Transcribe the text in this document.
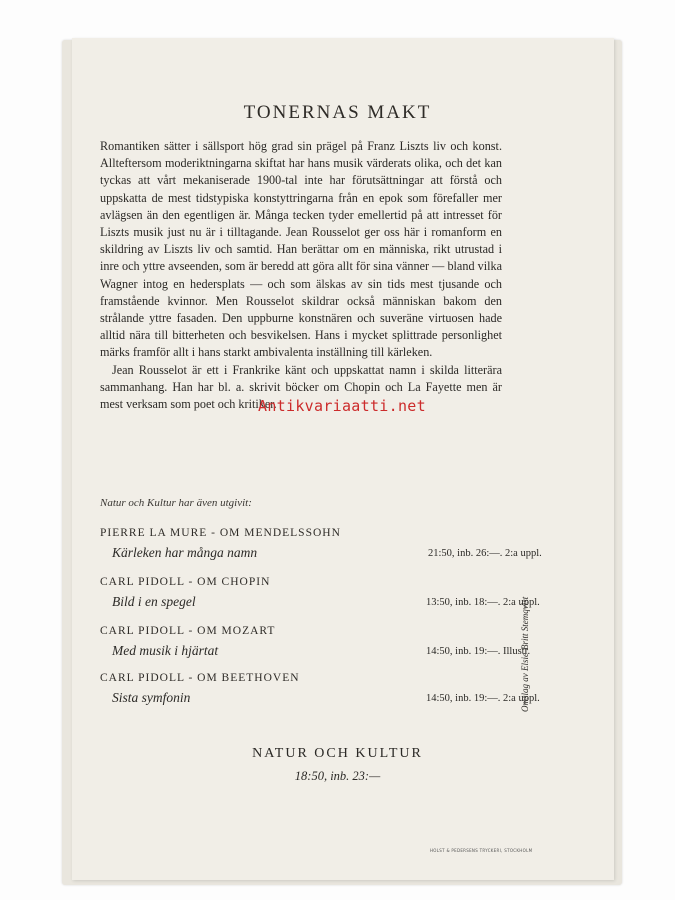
TONERNAS MAKT

Romantiken sätter i sällsport hög grad sin prägel på Franz Liszts liv och konst. Allteftersom moderiktningarna skiftat har hans musik värderats olika, och det kan tyckas att vårt mekaniserade 1900-tal inte har förutsättningar att förstå och uppskatta de mest tidstypiska konstyttringarna från en epok som förefaller mer avlägsen än den egentligen är. Många tecken tyder emellertid på att intresset för Liszts musik just nu är i tilltagande. Jean Rousselot ger oss här i romanform en skildring av Liszts liv och samtid. Han berättar om en människa, rikt utrustad i inre och yttre avseenden, som är beredd att göra allt för sina vänner — bland vilka Wagner intog en hedersplats — och som älskas av sin tids mest tjusande och framstående kvinnor. Men Rousselot skildrar också människan bakom den strålande yttre fasaden. Den uppburne konstnären och suveräne virtuosen hade alltid nära till bitterheten och besvikelsen. Hans i mycket splittrade personlighet märks framför allt i hans starkt ambivalenta inställning till kärleken.

Jean Rousselot är ett i Frankrike känt och uppskattat namn i skilda litterära sammanhang. Han har bl. a. skrivit böcker om Chopin och La Fayette men är mest verksam som poet och kritiker.

Antikvariaatti.net
Natur och Kultur har även utgivit:
PIERRE LA MURE - OM MENDELSSOHN
Kärleken har många namn	21:50, inb. 26:—. 2:a uppl.
CARL PIDOLL - OM CHOPIN
Bild i en spegel	13:50, inb. 18:—. 2:a uppl.
CARL PIDOLL - OM MOZART
Med musik i hjärtat	14:50, inb. 19:—. Illustr.
CARL PIDOLL - OM BEETHOVEN
Sista symfonin	14:50, inb. 19:—. 2:a uppl.
NATUR OCH KULTUR
18:50, inb. 23:—
Omslag av Elsie-Britt Stemqvist
HOLST & PEDERSENS TRYCKERI, STOCKHOLM
